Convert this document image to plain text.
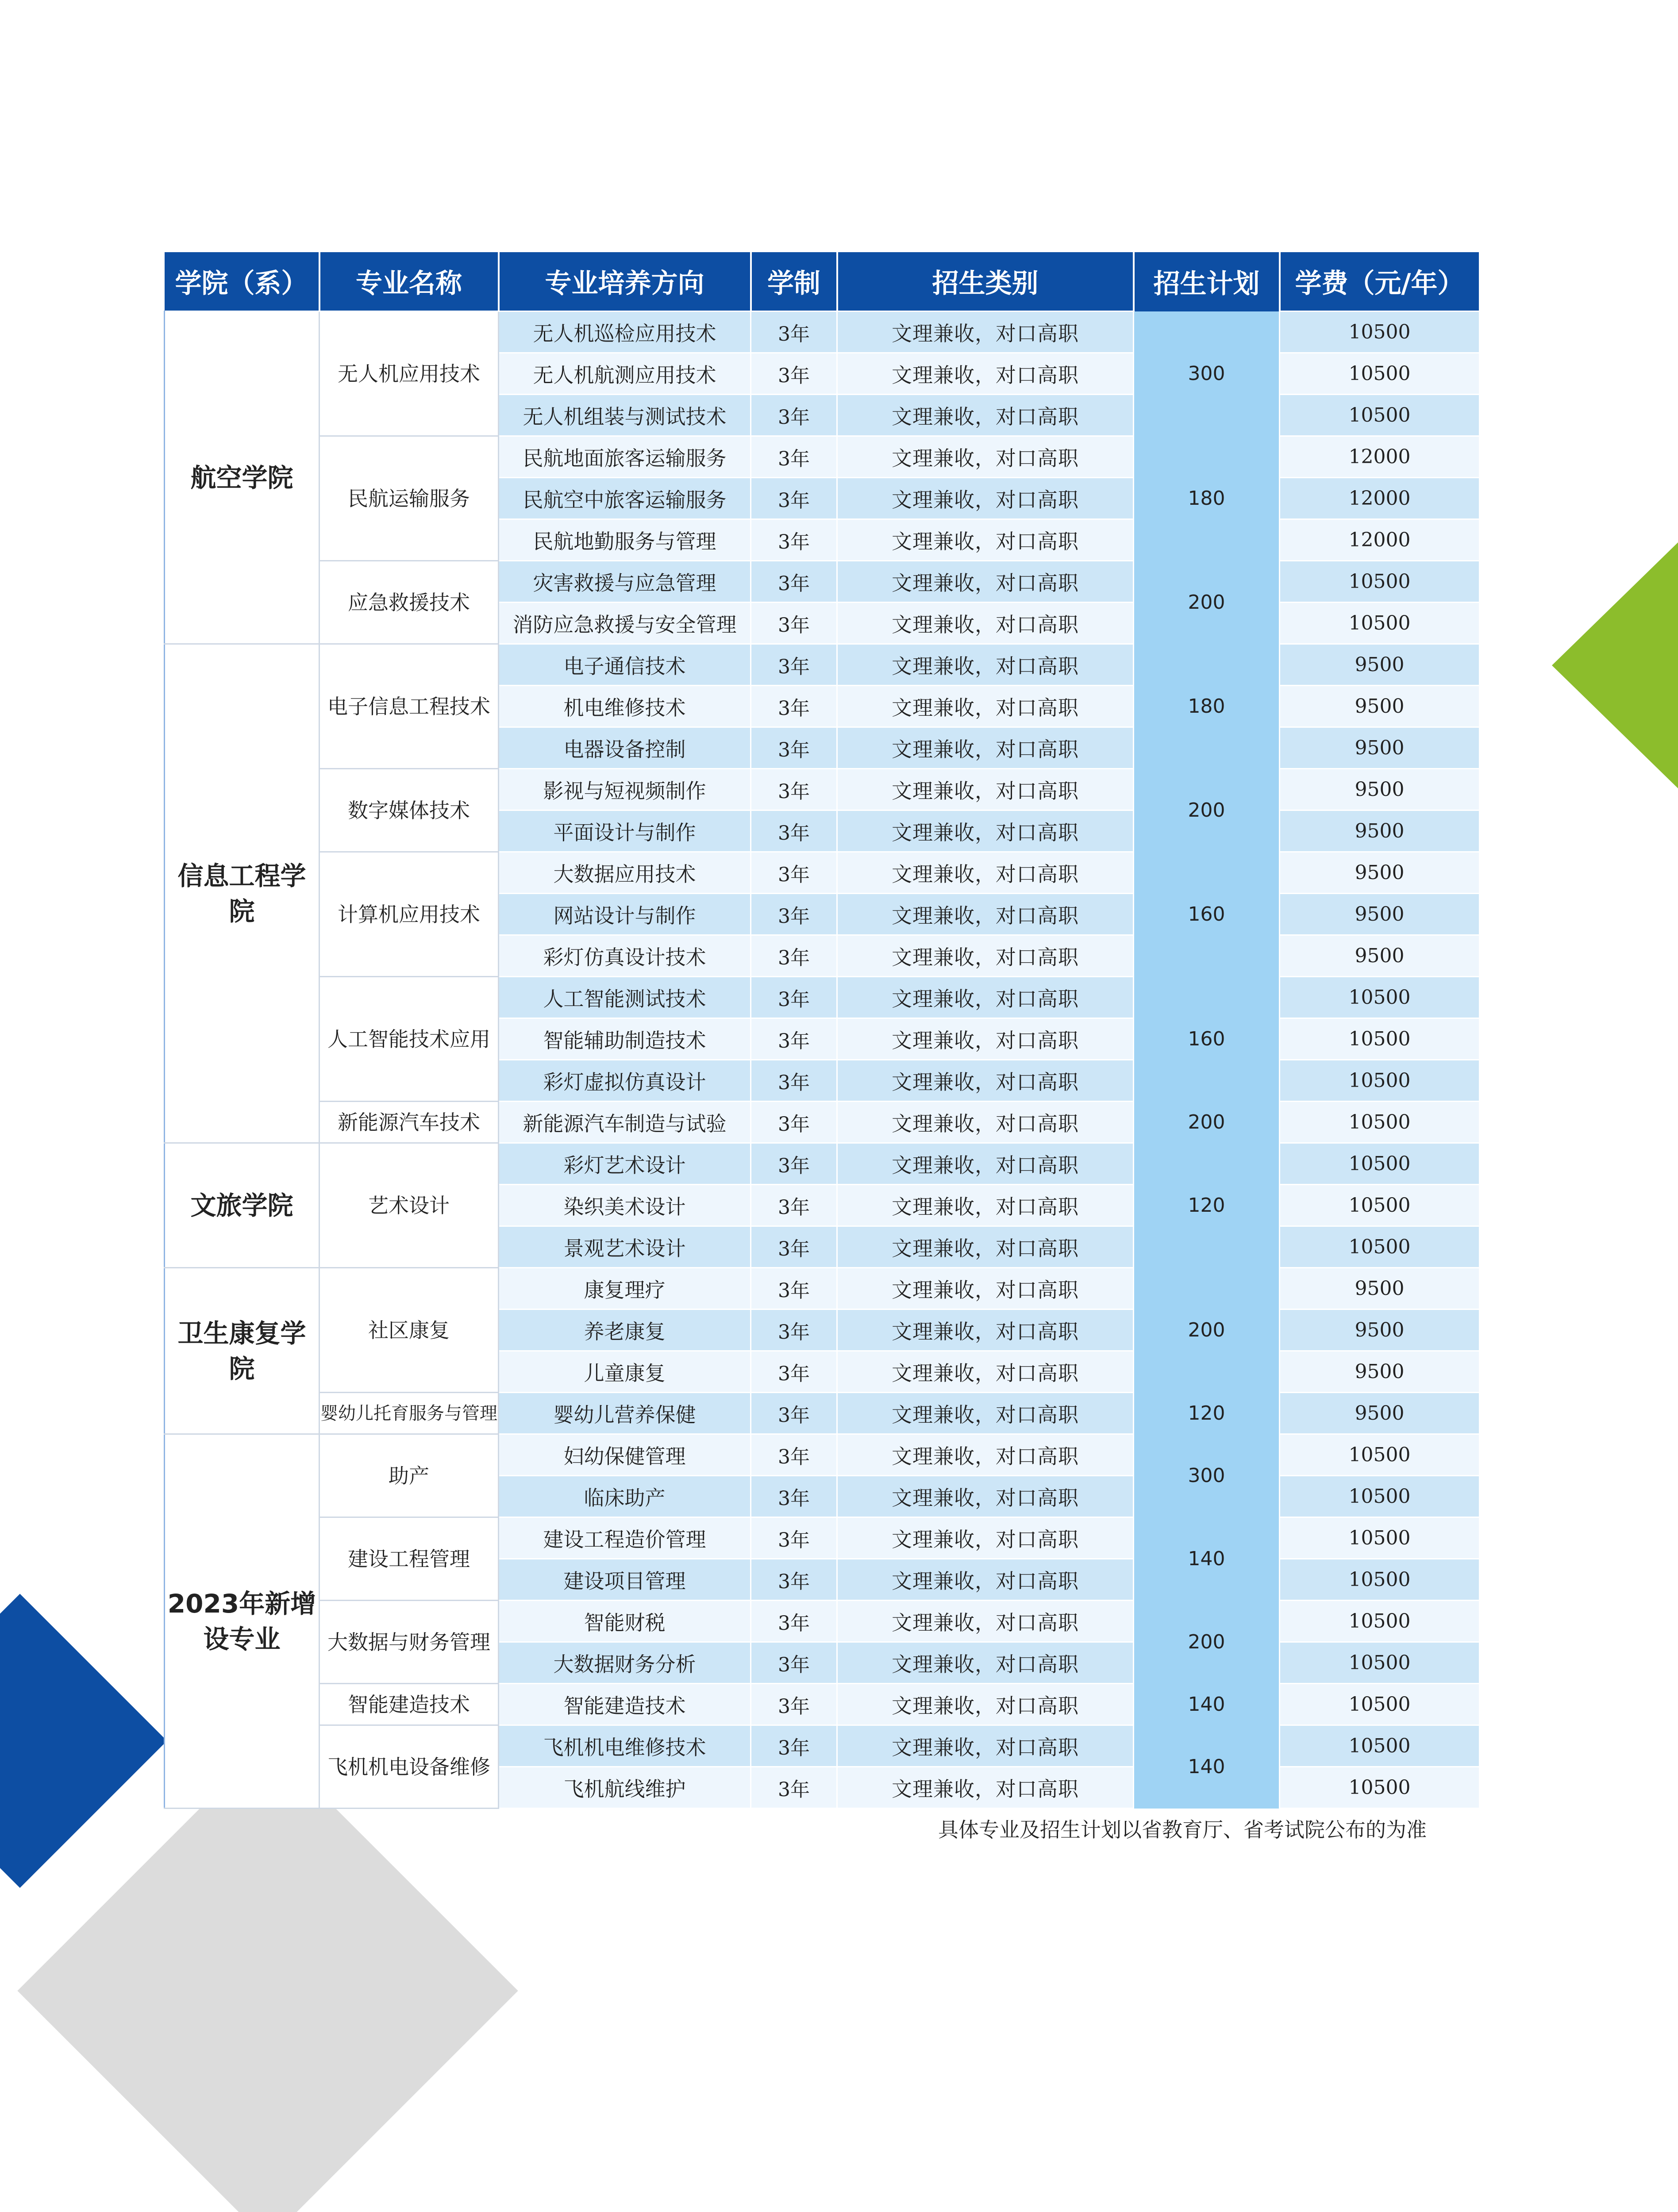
学院（系）	专业名称	专业培养方向	学制	招生类别	招生计划	学费（元/年）
航空学院	无人机应用技术	无人机巡检应用技术	3年	文理兼收，对口高职	300	10500
		无人机航测应用技术	3年	文理兼收，对口高职		10500
		无人机组装与测试技术	3年	文理兼收，对口高职		10500
	民航运输服务	民航地面旅客运输服务	3年	文理兼收，对口高职	180	12000
		民航空中旅客运输服务	3年	文理兼收，对口高职		12000
		民航地勤服务与管理	3年	文理兼收，对口高职		12000
	应急救援技术	灾害救援与应急管理	3年	文理兼收，对口高职	200	10500
		消防应急救援与安全管理	3年	文理兼收，对口高职		10500
信息工程学院	电子信息工程技术	电子通信技术	3年	文理兼收，对口高职	180	9500
		机电维修技术	3年	文理兼收，对口高职		9500
		电器设备控制	3年	文理兼收，对口高职		9500
	数字媒体技术	影视与短视频制作	3年	文理兼收，对口高职	200	9500
		平面设计与制作	3年	文理兼收，对口高职		9500
	计算机应用技术	大数据应用技术	3年	文理兼收，对口高职	160	9500
		网站设计与制作	3年	文理兼收，对口高职		9500
		彩灯仿真设计技术	3年	文理兼收，对口高职		9500
	人工智能技术应用	人工智能测试技术	3年	文理兼收，对口高职	160	10500
		智能辅助制造技术	3年	文理兼收，对口高职		10500
		彩灯虚拟仿真设计	3年	文理兼收，对口高职		10500
	新能源汽车技术	新能源汽车制造与试验	3年	文理兼收，对口高职	200	10500
文旅学院	艺术设计	彩灯艺术设计	3年	文理兼收，对口高职	120	10500
		染织美术设计	3年	文理兼收，对口高职		10500
		景观艺术设计	3年	文理兼收，对口高职		10500
卫生康复学院	社区康复	康复理疗	3年	文理兼收，对口高职	200	9500
		养老康复	3年	文理兼收，对口高职		9500
		儿童康复	3年	文理兼收，对口高职		9500
	婴幼儿托育服务与管理	婴幼儿营养保健	3年	文理兼收，对口高职	120	9500
2023年新增设专业	助产	妇幼保健管理	3年	文理兼收，对口高职	300	10500
		临床助产	3年	文理兼收，对口高职		10500
	建设工程管理	建设工程造价管理	3年	文理兼收，对口高职	140	10500
		建设项目管理	3年	文理兼收，对口高职		10500
	大数据与财务管理	智能财税	3年	文理兼收，对口高职	200	10500
		大数据财务分析	3年	文理兼收，对口高职		10500
	智能建造技术	智能建造技术	3年	文理兼收，对口高职	140	10500
	飞机机电设备维修	飞机机电维修技术	3年	文理兼收，对口高职	140	10500
		飞机航线维护	3年	文理兼收，对口高职		10500
具体专业及招生计划以省教育厅、省考试院公布的为准
